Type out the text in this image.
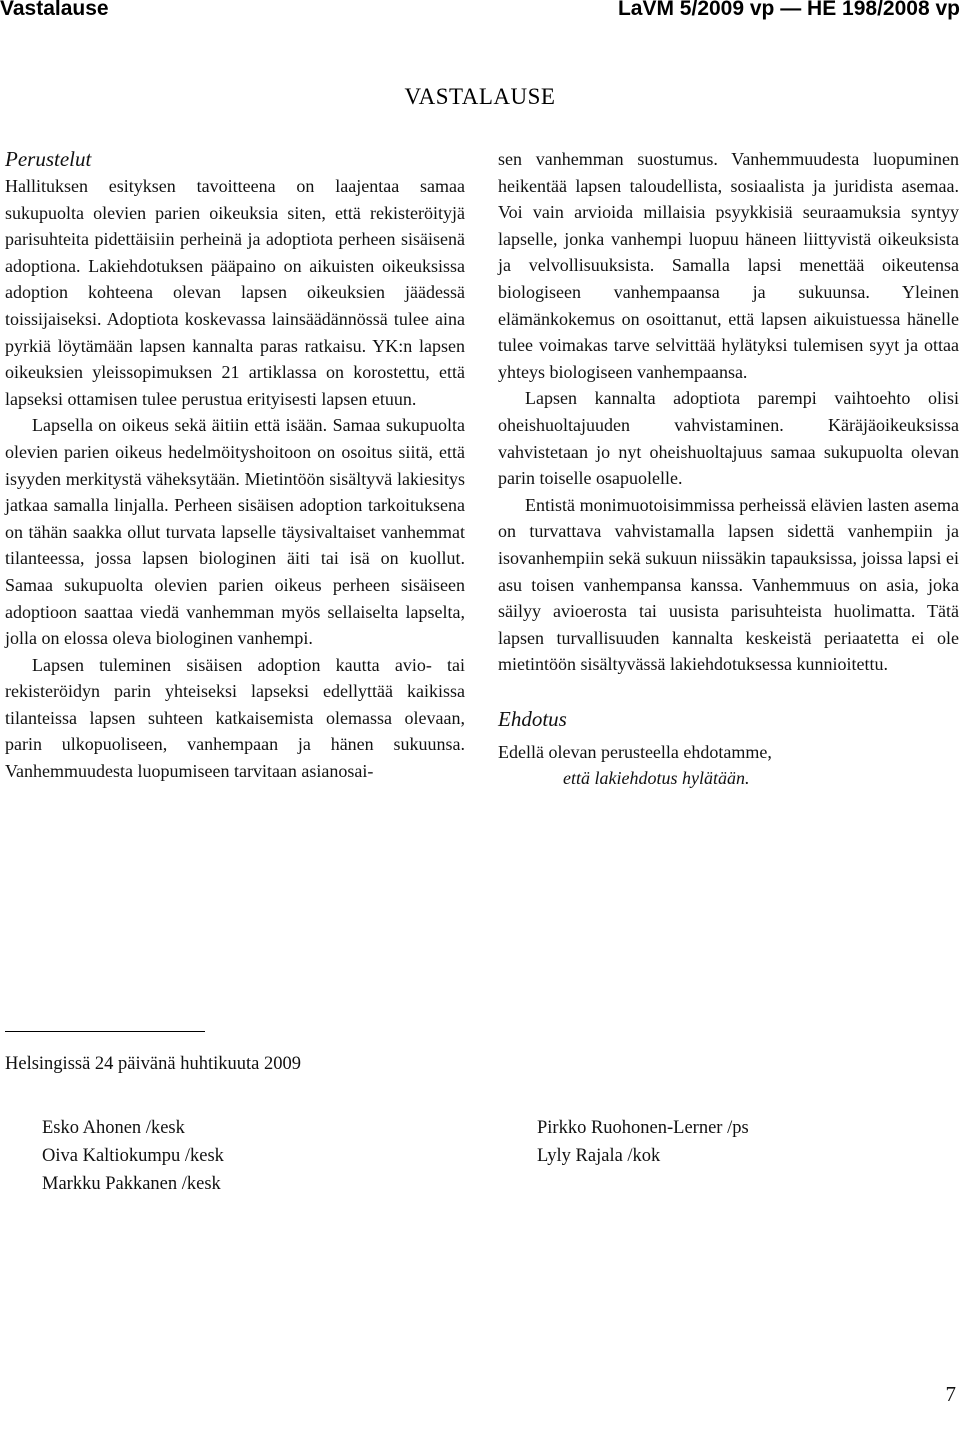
Vastalause	LaVM 5/2009 vp — HE 198/2008 vp
VASTALAUSE
Perustelut

Hallituksen esityksen tavoitteena on laajentaa samaa sukupuolta olevien parien oikeuksia siten, että rekisteröityjä parisuhteita pidettäisiin perheinä ja adoptiota perheen sisäisenä adoptiona. Lakiehdotuksen pääpaino on aikuisten oikeuksissa adoption kohteena olevan lapsen oikeuksien jäädessä toissijaiseksi. Adoptiota koskevassa lainsäädännössä tulee aina pyrkiä löytämään lapsen kannalta paras ratkaisu. YK:n lapsen oikeuksien yleissopimuksen 21 artiklassa on korostettu, että lapseksi ottamisen tulee perustua erityisesti lapsen etuun.

Lapsella on oikeus sekä äitiin että isään. Samaa sukupuolta olevien parien oikeus hedelmöityshoitoon on osoitus siitä, että isyyden merkitystä väheksytään. Mietintöön sisältyvä lakiesitys jatkaa samalla linjalla. Perheen sisäisen adoption tarkoituksena on tähän saakka ollut turvata lapselle täysivaltaiset vanhemmat tilanteessa, jossa lapsen biologinen äiti tai isä on kuollut. Samaa sukupuolta olevien parien oikeus perheen sisäiseen adoptioon saattaa viedä vanhemman myös sellaiselta lapselta, jolla on elossa oleva biologinen vanhempi.

Lapsen tuleminen sisäisen adoption kautta avio- tai rekisteröidyn parin yhteiseksi lapseksi edellyttää kaikissa tilanteissa lapsen suhteen katkaisemista olemassa olevaan, parin ulkopuoliseen, vanhempaan ja hänen sukuunsa. Vanhemmuudesta luopumiseen tarvitaan asianosai-

sen vanhemman suostumus. Vanhemmuudesta luopuminen heikentää lapsen taloudellista, sosiaalista ja juridista asemaa. Voi vain arvioida millaisia psyykkisiä seuraamuksia syntyy lapselle, jonka vanhempi luopuu häneen liittyvistä oikeuksista ja velvollisuuksista. Samalla lapsi menettää oikeutensa biologiseen vanhempaansa ja sukuunsa. Yleinen elämänkokemus on osoittanut, että lapsen aikuistuessa hänelle tulee voimakas tarve selvittää hylätyksi tulemisen syyt ja ottaa yhteys biologiseen vanhempaansa.

Lapsen kannalta adoptiota parempi vaihtoehto olisi oheishuoltajuuden vahvistaminen. Käräjäoikeuksissa vahvistetaan jo nyt oheishuoltajuus samaa sukupuolta olevan parin toiselle osapuolelle.

Entistä monimuotoisimmissa perheissä elävien lasten asema on turvattava vahvistamalla lapsen sidettä vanhempiin ja isovanhempiin sekä sukuun niissäkin tapauksissa, joissa lapsi ei asu toisen vanhempansa kanssa. Vanhemmuus on asia, joka säilyy avioerosta tai uusista parisuhteista huolimatta. Tätä lapsen turvallisuuden kannalta keskeistä periaatetta ei ole mietintöön sisältyvässä lakiehdotuksessa kunnioitettu.

Ehdotus

Edellä olevan perusteella ehdotamme,

että lakiehdotus hylätään.

Helsingissä 24 päivänä huhtikuuta 2009
Esko Ahonen /kesk
Oiva Kaltiokumpu /kesk
Markku Pakkanen /kesk
Pirkko Ruohonen-Lerner /ps
Lyly Rajala /kok
7
